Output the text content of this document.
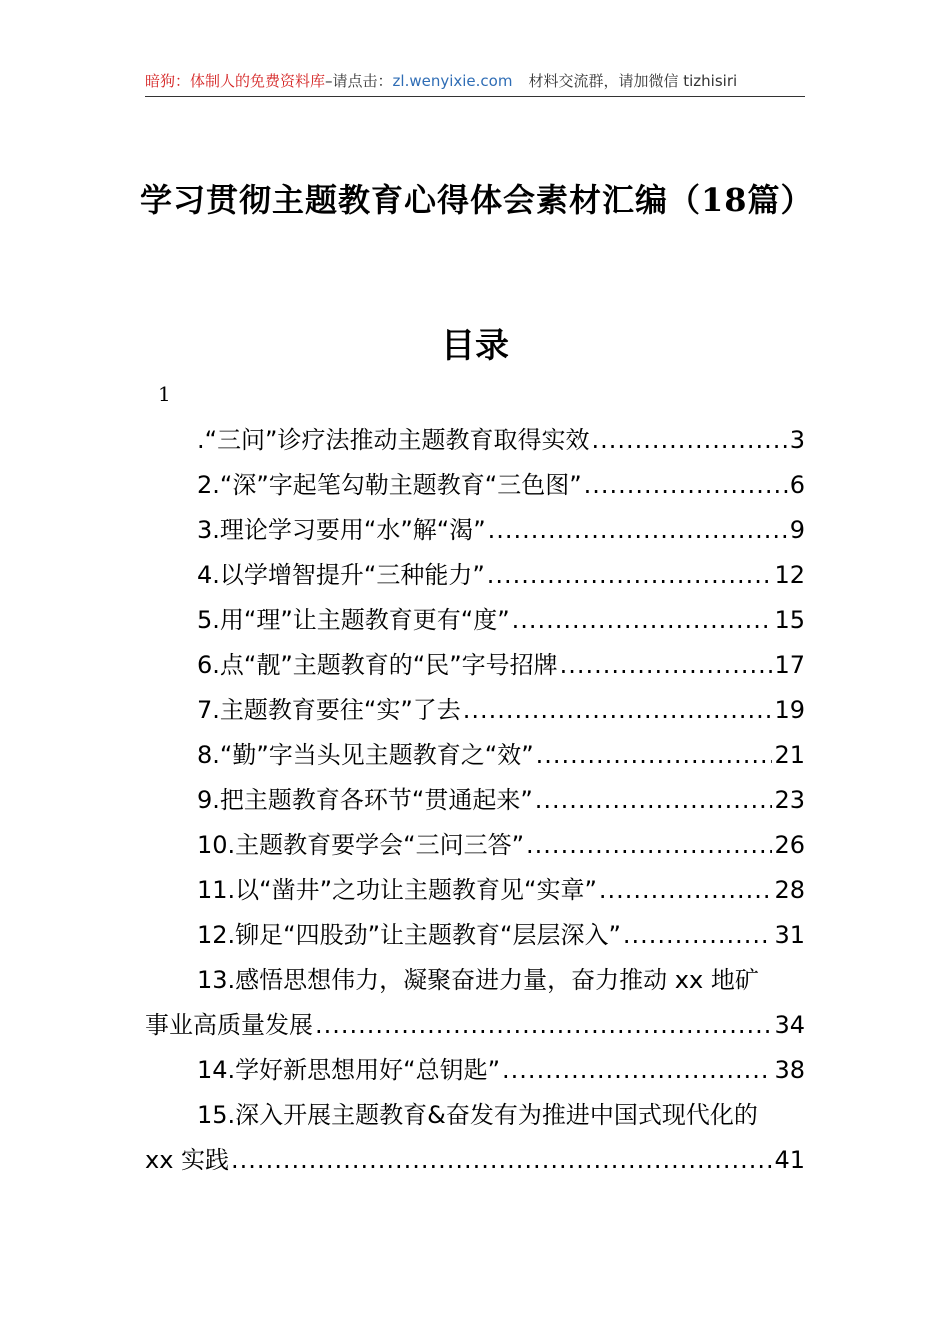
暗狗：体制人的免费资料库–请点击：zl.wenyixie.com 材料交流群，请加微信 tizhisiri
学习贯彻主题教育心得体会素材汇编（18篇）
目录
1
.“三问”诊疗法推动主题教育取得实效 .....	3
2.“深”字起笔勾勒主题教育“三色图” .....	6
3.理论学习要用“水”解“渴” .....	9
4.以学增智提升“三种能力” .....	12
5.用“理”让主题教育更有“度” .....	15
6.点“靓”主题教育的“民”字号招牌 .....	17
7.主题教育要往“实”了去 .....	19
8.“勤”字当头见主题教育之“效” .....	21
9.把主题教育各环节“贯通起来” .....	23
10.主题教育要学会“三问三答” .....	26
11.以“凿井”之功让主题教育见“实章” .....	28
12.铆足“四股劲”让主题教育“层层深入” .....	31
13.感悟思想伟力，凝聚奋进力量，奋力推动 xx 地矿
事业高质量发展 .....	34
14.学好新思想用好“总钥匙” .....	38
15.深入开展主题教育&奋发有为推进中国式现代化的
xx 实践 .....	41
